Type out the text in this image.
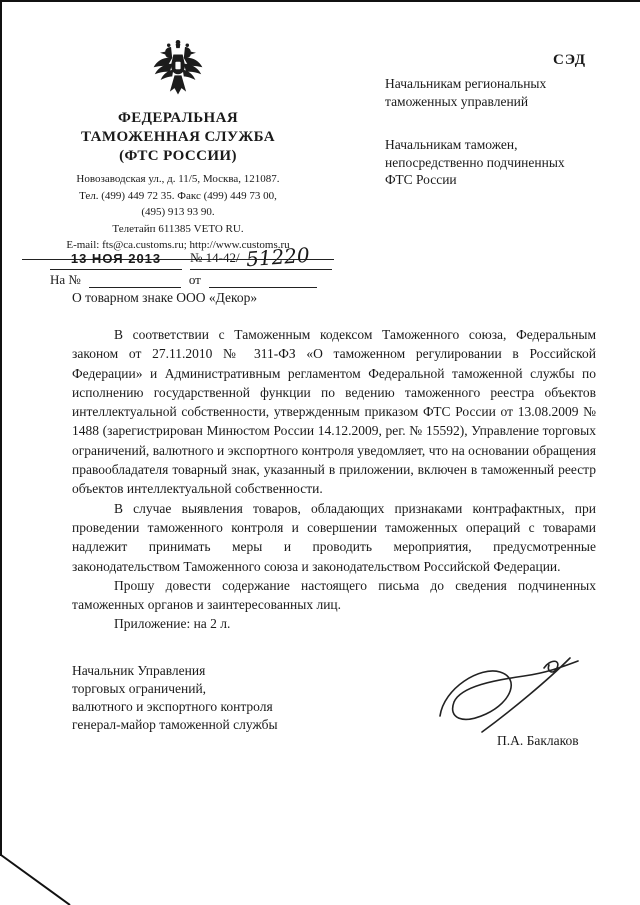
СЭД
ФЕДЕРАЛЬНАЯ
ТАМОЖЕННАЯ СЛУЖБА
(ФТС РОССИИ)
Новозаводская ул., д. 11/5, Москва, 121087.
Тел. (499) 449 72 35. Факс (499) 449 73 00,
(495) 913 93 90.
Телетайп 611385 VETO RU.
E-mail: fts@ca.customs.ru; http://www.customs.ru
13 НОЯ 2013	№ 14-42/ 51220
На №	от
Начальникам региональных
таможенных управлений
Начальникам таможен,
непосредственно подчиненных
ФТС России
О товарном знаке ООО «Декор»

В соответствии с Таможенным кодексом Таможенного союза, Федеральным законом от 27.11.2010 № 311-ФЗ «О таможенном регулировании в Российской Федерации» и Административным регламентом Федеральной таможенной службы по исполнению государственной функции по ведению таможенного реестра объектов интеллектуальной собственности, утвержденным приказом ФТС России от 13.08.2009 № 1488 (зарегистрирован Минюстом России 14.12.2009, рег. № 15592), Управление торговых ограничений, валютного и экспортного контроля уведомляет, что на основании обращения правообладателя товарный знак, указанный в приложении, включен в таможенный реестр объектов интеллектуальной собственности.

В случае выявления товаров, обладающих признаками контрафактных, при проведении таможенного контроля и совершении таможенных операций с товарами надлежит принимать меры и проводить мероприятия, предусмотренные законодательством Таможенного союза и законодательством Российской Федерации.

Прошу довести содержание настоящего письма до сведения подчиненных таможенных органов и заинтересованных лиц.

Приложение: на 2 л.

Начальник Управления
торговых ограничений,
валютного и экспортного контроля
генерал-майор таможенной службы
П.А. Баклаков
